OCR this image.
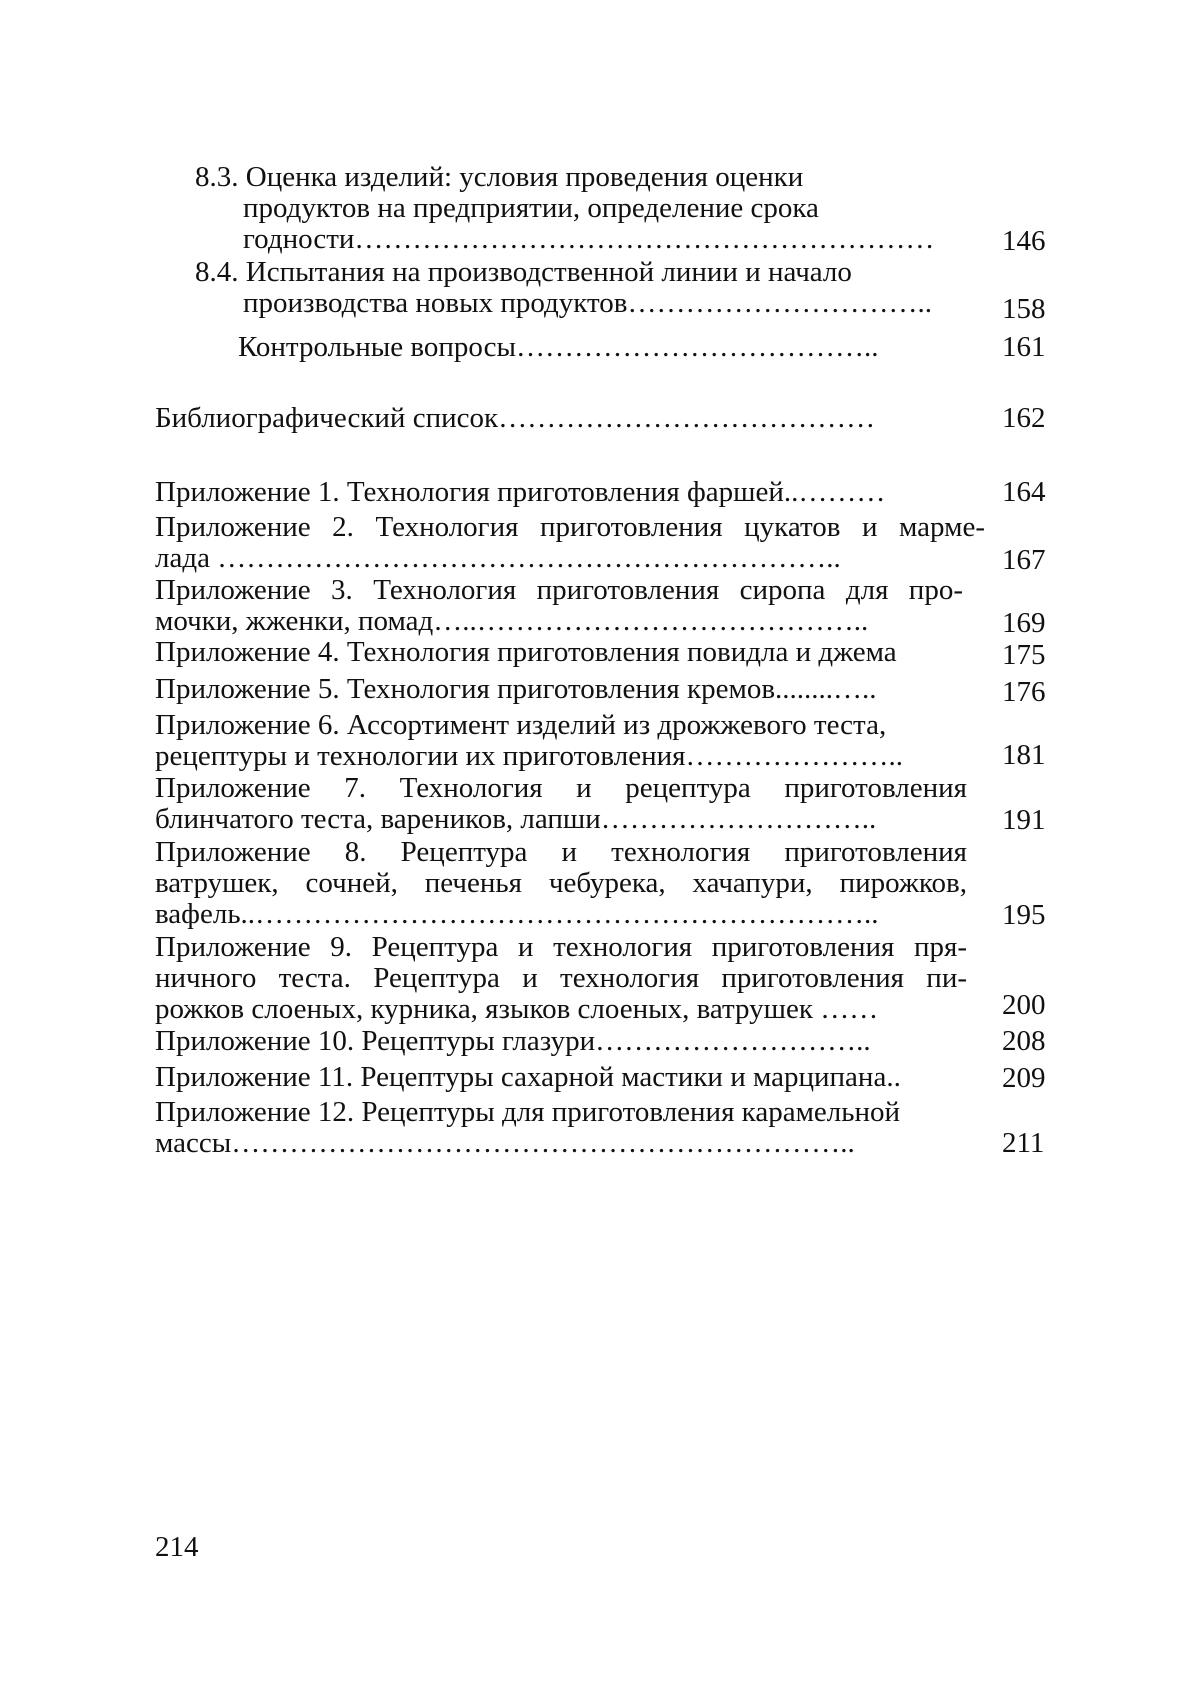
8.3. Оценка изделий: условия проведения оценки
продуктов на предприятии, определение срока
годности……………………………………………………	146
8.4. Испытания на производственной линии и начало
производства новых продуктов…………………………..	158
Контрольные вопросы………………………………..	161
Библиографический список…………………………………	162
Приложение 1. Технология приготовления фаршей..………	164
Приложение 2. Технология приготовления цукатов и марме-
лада ………………………………………………………..	167
Приложение 3. Технология приготовления сиропа для про-
мочки, жженки, помад…..…………………………………..	169
Приложение 4. Технология приготовления повидла и джема	175
Приложение 5. Технология приготовления кремов........…..	176
Приложение 6. Ассортимент изделий из дрожжевого теста,
рецептуры и технологии их приготовления…………………..	181
Приложение 7. Технология и рецептура приготовления
блинчатого теста, вареников, лапши………………………..	191
Приложение 8. Рецептура и технология приготовления
ватрушек, сочней, печенья чебурека, хачапури, пирожков,
вафель..………………………………………………………..	195
Приложение 9. Рецептура и технология приготовления пря-
ничного теста. Рецептура и технология приготовления пи-
рожков слоеных, курника, языков слоеных, ватрушек ……	200
Приложение 10. Рецептуры глазури………………………..	208
Приложение 11. Рецептуры сахарной мастики и марципана..	209
Приложение 12. Рецептуры для приготовления карамельной
массы………………………………………………………..	211
214
